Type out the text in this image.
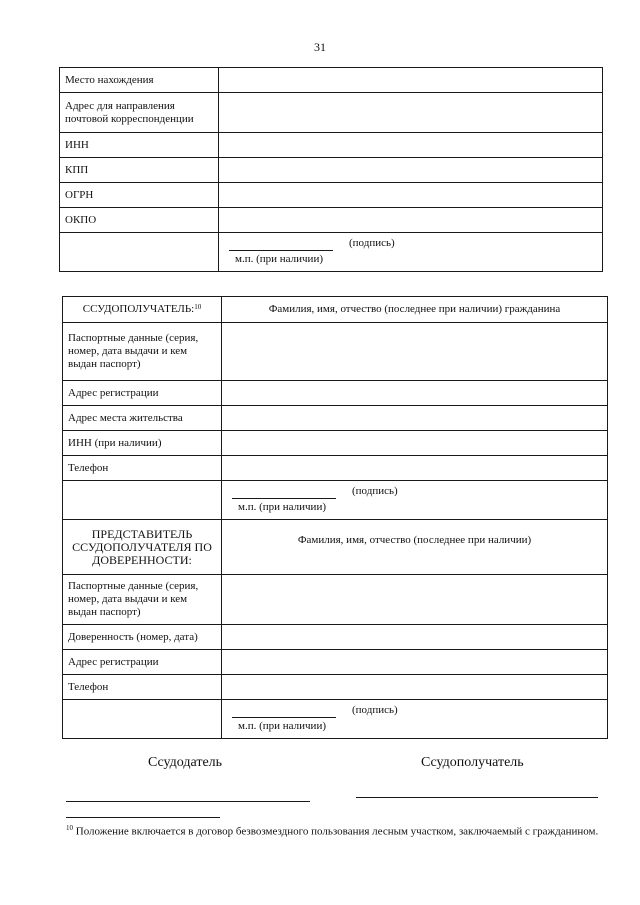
31
Место нахождения	
Адрес для направления почтовой корреспонденции	
ИНН	
КПП	
ОГРН	
ОКПО	

	(подпись)
м.п. (при наличии)
ССУДОПОЛУЧАТЕЛЬ:$^{10}$	Фамилия, имя, отчество (последнее при наличии) гражданина
Паспортные данные (серия, номер, дата выдачи и кем выдан паспорт)	
Адрес регистрации	
Адрес места жительства	
ИНН (при наличии)	
Телефон	

	(подпись)
м.п. (при наличии)

ПРЕДСТАВИТЕЛЬ ССУДОПОЛУЧАТЕЛЯ ПО ДОВЕРЕННОСТИ:	Фамилия, имя, отчество (последнее при наличии)
Паспортные данные (серия, номер, дата выдачи и кем выдан паспорт)	
Доверенность (номер, дата)	
Адрес регистрации	
Телефон	

	(подпись)
м.п. (при наличии)
Ссудодатель	Ссудополучатель
$^{10}$ Положение включается в договор безвозмездного пользования лесным участком, заключаемый с гражданином.
